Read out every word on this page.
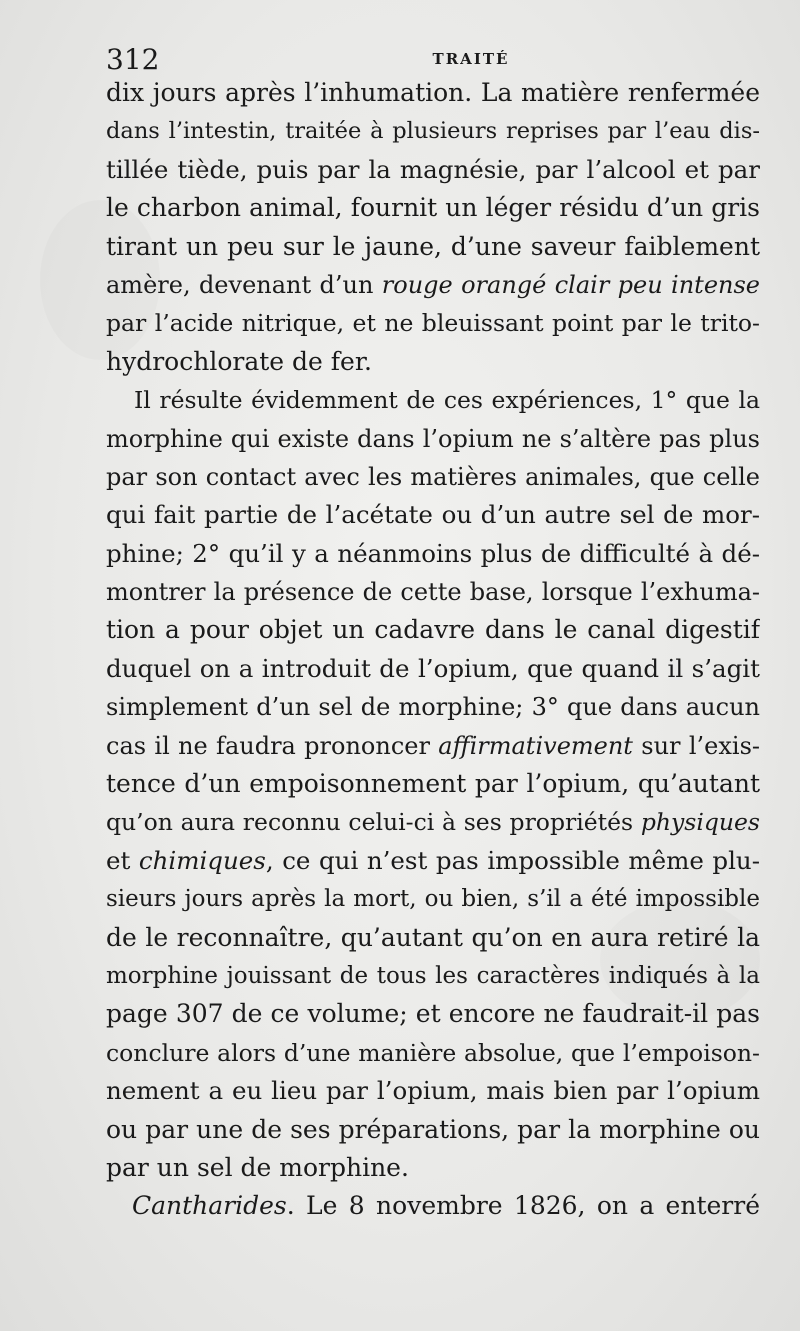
312	TRAITÉ
dix jours après l’inhumation. La matière renfermée
dans l’intestin, traitée à plusieurs reprises par l’eau dis-
tillée tiède, puis par la magnésie, par l’alcool et par
le charbon animal, fournit un léger résidu d’un gris
tirant un peu sur le jaune, d’une saveur faiblement
amère, devenant d’un rouge orangé clair peu intense
par l’acide nitrique, et ne bleuissant point par le trito-
hydrochlorate de fer.
Il résulte évidemment de ces expériences, 1° que la
morphine qui existe dans l’opium ne s’altère pas plus
par son contact avec les matières animales, que celle
qui fait partie de l’acétate ou d’un autre sel de mor-
phine; 2° qu’il y a néanmoins plus de difficulté à dé-
montrer la présence de cette base, lorsque l’exhuma-
tion a pour objet un cadavre dans le canal digestif
duquel on a introduit de l’opium, que quand il s’agit
simplement d’un sel de morphine; 3° que dans aucun
cas il ne faudra prononcer affirmativement sur l’exis-
tence d’un empoisonnement par l’opium, qu’autant
qu’on aura reconnu celui-ci à ses propriétés physiques
et chimiques, ce qui n’est pas impossible même plu-
sieurs jours après la mort, ou bien, s’il a été impossible
de le reconnaître, qu’autant qu’on en aura retiré la
morphine jouissant de tous les caractères indiqués à la
page 307 de ce volume; et encore ne faudrait-il pas
conclure alors d’une manière absolue, que l’empoison-
nement a eu lieu par l’opium, mais bien par l’opium
ou par une de ses préparations, par la morphine ou
par un sel de morphine.
Cantharides. Le 8 novembre 1826, on a enterré
